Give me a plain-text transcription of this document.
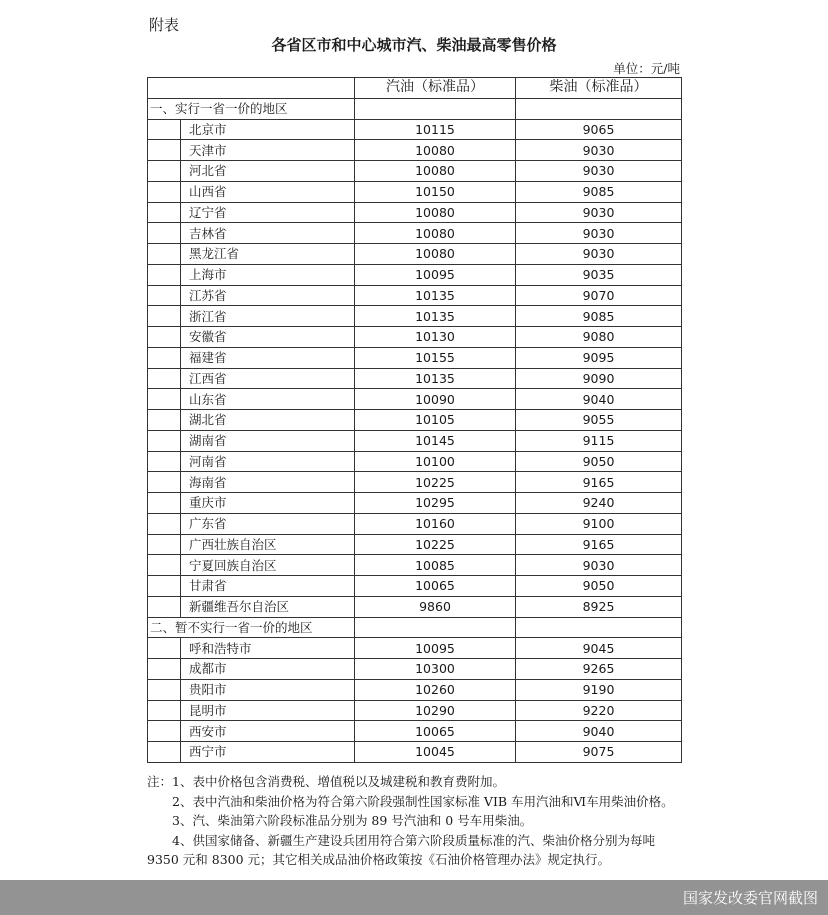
附表
各省区市和中心城市汽、柴油最高零售价格
单位：元/吨
		汽油（标准品）	柴油（标准品）
一、实行一省一价的地区			
	北京市	10115	9065
	天津市	10080	9030
	河北省	10080	9030
	山西省	10150	9085
	辽宁省	10080	9030
	吉林省	10080	9030
	黑龙江省	10080	9030
	上海市	10095	9035
	江苏省	10135	9070
	浙江省	10135	9085
	安徽省	10130	9080
	福建省	10155	9095
	江西省	10135	9090
	山东省	10090	9040
	湖北省	10105	9055
	湖南省	10145	9115
	河南省	10100	9050
	海南省	10225	9165
	重庆市	10295	9240
	广东省	10160	9100
	广西壮族自治区	10225	9165
	宁夏回族自治区	10085	9030
	甘肃省	10065	9050
	新疆维吾尔自治区	9860	8925
二、暂不实行一省一价的地区			
	呼和浩特市	10095	9045
	成都市	10300	9265
	贵阳市	10260	9190
	昆明市	10290	9220
	西安市	10065	9040
	西宁市	10045	9075

注：1、表中价格包含消费税、增值税以及城建税和教育费附加。

2、表中汽油和柴油价格为符合第六阶段强制性国家标准 VIB 车用汽油和Ⅵ车用柴油价格。

3、汽、柴油第六阶段标准品分别为 89 号汽油和 0 号车用柴油。

4、供国家储备、新疆生产建设兵团用符合第六阶段质量标准的汽、柴油价格分别为每吨 9350 元和 8300 元；其它相关成品油价格政策按《石油价格管理办法》规定执行。

国家发改委官网截图
